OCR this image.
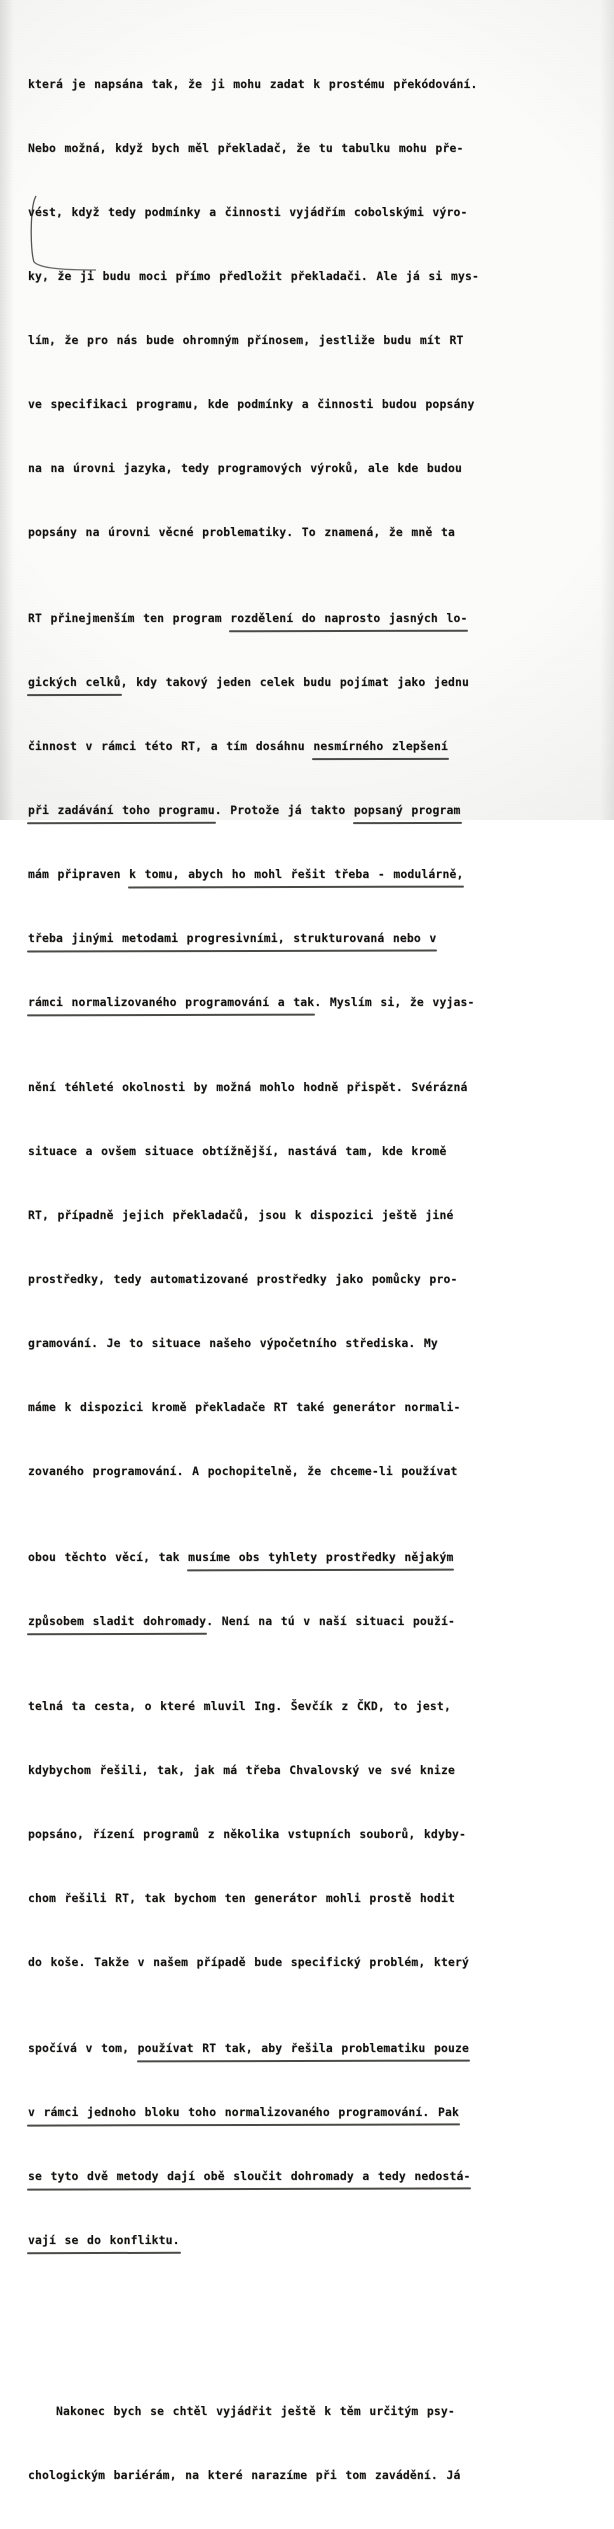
která je napsána tak, že ji mohu zadat k prostému překódování.

Nebo možná, když bych měl překladač, že tu tabulku mohu pře-

vést, když tedy podmínky a činnosti vyjádřím cobolskými výro-

ky, že ji budu moci přímo předložit překladači. Ale já si mys-

lím, že pro nás bude ohromným přínosem, jestliže budu mít RT

ve specifikaci programu, kde podmínky a činnosti budou popsány

na na úrovni jazyka, tedy programových výroků, ale kde budou

popsány na úrovni věcné problematiky. To znamená, že mně ta

RT přinejmenším ten program rozdělení do naprosto jasných lo-

gických celků, kdy takový jeden celek budu pojímat jako jednu

činnost v rámci této RT, a tím dosáhnu nesmírného zlepšení

při zadávání toho programu. Protože já takto popsaný program

mám připraven k tomu, abych ho mohl řešit třeba - modulárně,

třeba jinými metodami progresivními, strukturovaná nebo v

rámci normalizovaného programování a tak. Myslím si, že vyjas-

nění téhleté okolnosti by možná mohlo hodně přispět. Svérázná

situace a ovšem situace obtížnější, nastává tam, kde kromě

RT, případně jejich překladačů, jsou k dispozici ještě jiné

prostředky, tedy automatizované prostředky jako pomůcky pro-

gramování. Je to situace našeho výpočetního střediska. My

máme k dispozici kromě překladače RT také generátor normali-

zovaného programování. A pochopitelně, že chceme-li používat

obou těchto věcí, tak musíme obs tyhlety prostředky nějakým

způsobem sladit dohromady. Není na tú v naší situaci použí-

telná ta cesta, o které mluvil Ing. Ševčík z ČKD, to jest,

kdybychom řešili, tak, jak má třeba Chvalovský ve své knize

popsáno, řízení programů z několika vstupních souborů, kdyby-

chom řešili RT, tak bychom ten generátor mohli prostě hodit

do koše. Takže v našem případě bude specifický problém, který

spočívá v tom, používat RT tak, aby řešila problematiku pouze

v rámci jednoho bloku toho normalizovaného programování. Pak

se tyto dvě metody dají obě sloučit dohromady a tedy nedostá-

vají se do konfliktu.

Nakonec bych se chtěl vyjádřit ještě k těm určitým psy-

chologickým bariérám, na které narazíme při tom zavádění. Já
